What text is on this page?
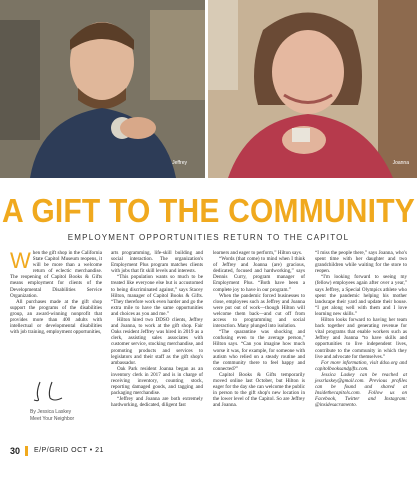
Jeffrey	Joanna
A GIFT TO THE COMMUNITY
EMPLOYMENT OPPORTUNITIES RETURN TO THE CAPITOL

When the gift shop in the California State Capitol Museum reopens, it will be more than a welcome return of eclectic merchandise. The reopening of Capitol Books & Gifts means employment for clients of the Developmental Disabilities Service Organization.

All purchases made at the gift shop support the programs of the disabilities group, an award-winning nonprofit that provides more than 400 adults with intellectual or developmental disabilities with job training, employment opportunities,

arts programming, life-skill building and social interaction. The organization's Employment Plus program matches clients with jobs that fit skill levels and interests.

“This population wants so much to be treated like everyone else but is accustomed to being discriminated against,” says Stacey Hilton, manager of Capitol Books & Gifts. “They therefore work even harder and go the extra mile to have the same opportunities and choices as you and me.”

Hilton hired two DDSO clients, Jeffrey and Joanna, to work at the gift shop. Fair Oaks resident Jeffrey was hired in 2019 as a clerk, assisting sales associates with customer service, stocking merchandise, and promoting products and services to legislators and their staff as the gift shop's ambassador.

Oak Park resident Joanna began as an inventory clerk in 2017 and is in charge of receiving inventory, counting stock, reporting damaged goods, and tagging and packaging merchandise.

“Jeffrey and Joanna are both extremely hardworking, dedicated, diligent fast

learners and eager to perform,” Hilton says.

“Words (that come) to mind when I think of Jeffrey and Joanna (are) gracious, dedicated, focused and hardworking,” says Dennis Curry, program manager of Employment Plus. “Both have been a complete joy to have in our program.”

When the pandemic forced businesses to close, employees such as Jeffrey and Joanna were put out of work—though Hilton will welcome them back—and cut off from access to programming and social interaction. Many plunged into isolation.

“The quarantine was shocking and confusing even to the average person,” Hilton says. “Can you imagine how much worse it was, for example, for someone with autism who relied on a steady routine and the community there to feel happy and connected?”

Capitol Books & Gifts temporarily moved online last October, but Hilton is eager for the day she can welcome the public in person to the gift shop's new location in the lower level of the Capitol. So are Jeffrey and Joanna.

“I miss the people there,” says Joanna, who's spent time with her daughter and two grandchildren while waiting for the store to reopen.

“I'm looking forward to seeing my (fellow) employees again after over a year,” says Jeffrey, a Special Olympics athlete who spent the pandemic helping his mother landscape their yard and update their house. “I get along well with them and I love learning new skills.”

Hilton looks forward to having her team back together and generating revenue for vital programs that enable workers such as Jeffrey and Joanna “to have skills and opportunities to live independent lives, contribute to the community in which they live and advocate for themselves.”

For more information, visit ddso.org and capitolbooksandgifts.com.

Jessica Laskey can be reached at jessrlaskey@gmail.com. Previous profiles can be found and shared at Insidethecapitols.com. Follow us on Facebook, Twitter and Instagram: @insidesacramento.

By Jessica Laskey
Meet Your Neighbor
30 E/P/GRID OCT • 21
